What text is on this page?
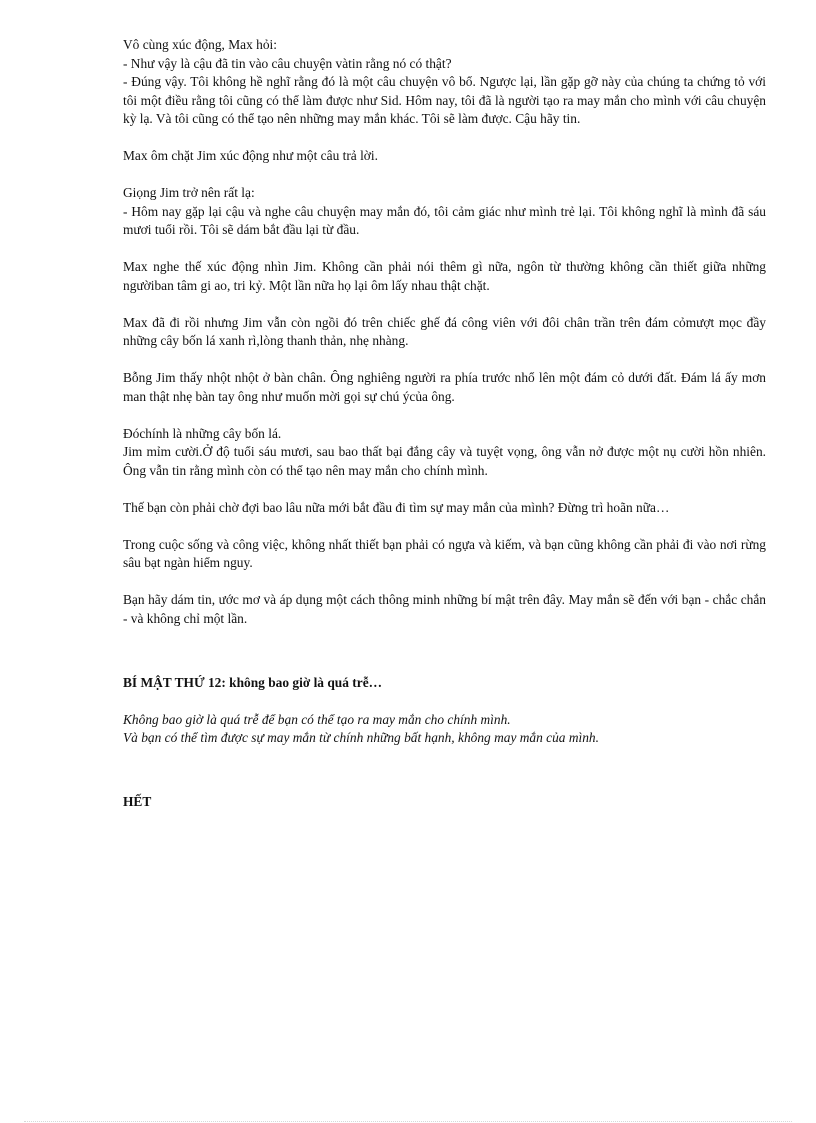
Vô cùng xúc động, Max hỏi:

- Như vậy là cậu đã tin vào câu chuyện vàtin rằng nó có thật?

- Đúng vậy. Tôi không hề nghĩ rằng đó là một câu chuyện vô bổ. Ngược lại, lần gặp gỡ này của chúng ta chứng tỏ với tôi một điều rằng tôi cũng có thể làm được như Sid. Hôm nay, tôi đã là người tạo ra may mắn cho mình với câu chuyện kỳ lạ. Và tôi cũng có thể tạo nên những may mắn khác. Tôi sẽ làm được. Cậu hãy tin.

Max ôm chặt Jim xúc động như một câu trả lời.

Giọng Jim trở nên rất lạ:

- Hôm nay gặp lại cậu và nghe câu chuyện may mắn đó, tôi cảm giác như mình trẻ lại. Tôi không nghĩ là mình đã sáu mươi tuổi rồi. Tôi sẽ dám bắt đầu lại từ đầu.

Max nghe thế xúc động nhìn Jim. Không cần phải nói thêm gì nữa, ngôn từ thường không cần thiết giữa những ngườiban tâm gi ao, tri kỷ. Một lần nữa họ lại ôm lấy nhau thật chặt.

Max đã đi rồi nhưng Jim vẫn còn ngồi đó trên chiếc ghế đá công viên với đôi chân trần trên đám cỏmượt mọc đầy những cây bốn lá xanh rì,lòng thanh thản, nhẹ nhàng.

Bỗng Jim thấy nhột nhột ở bàn chân. Ông nghiêng người ra phía trước nhổ lên một đám cỏ dưới đất. Đám lá ấy mơn man thật nhẹ bàn tay ông như muốn mời gọi sự chú ýcủa ông.

Đóchính là những cây bốn lá.

Jim mỉm cười.Ở độ tuổi sáu mươi, sau bao thất bại đắng cây và tuyệt vọng, ông vẫn nở được một nụ cười hồn nhiên. Ông vẫn tin rằng mình còn có thể tạo nên may mắn cho chính mình.

Thế bạn còn phải chờ đợi bao lâu nữa mới bắt đầu đi tìm sự may mắn của mình? Đừng trì hoãn nữa…

Trong cuộc sống và công việc, không nhất thiết bạn phải có ngựa và kiếm, và bạn cũng không cần phải đi vào nơi rừng sâu bạt ngàn hiểm nguy.

Bạn hãy dám tin, ước mơ và áp dụng một cách thông minh những bí mật trên đây. May mắn sẽ đến với bạn - chắc chắn - và không chỉ một lần.

BÍ MẬT THỨ 12: không bao giờ là quá trễ…

Không bao giờ là quá trễ để bạn có thể tạo ra may mắn cho chính mình.

Và bạn có thể tìm được sự may mắn từ chính những bất hạnh, không may mắn của mình.

HẾT
